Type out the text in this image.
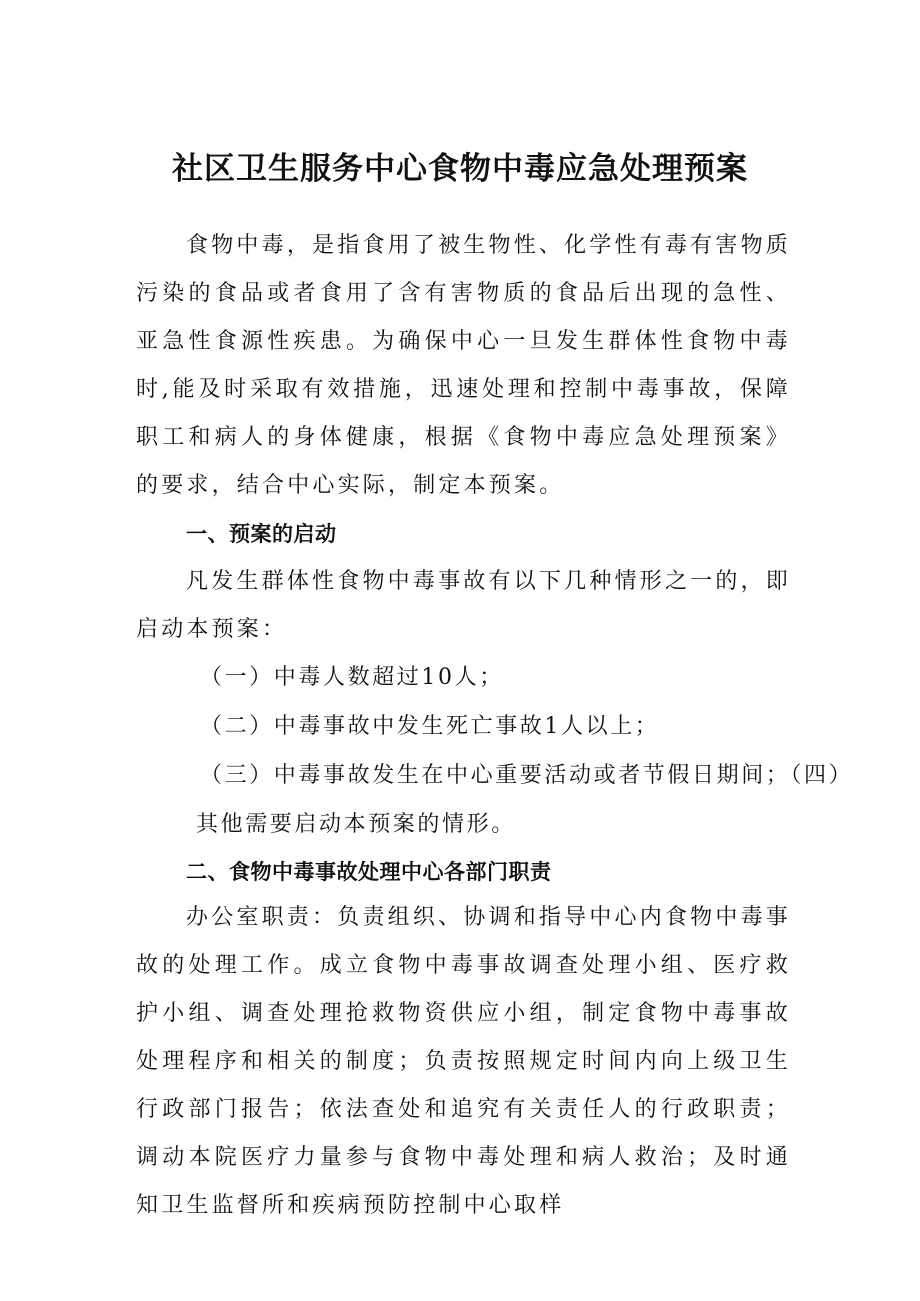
社区卫生服务中心食物中毒应急处理预案

食物中毒，是指食用了被生物性、化学性有毒有害物质污染的食品或者食用了含有害物质的食品后出现的急性、亚急性食源性疾患。为确保中心一旦发生群体性食物中毒时,能及时采取有效措施，迅速处理和控制中毒事故，保障职工和病人的身体健康，根据《食物中毒应急处理预案》的要求，结合中心实际，制定本预案。

一、预案的启动

凡发生群体性食物中毒事故有以下几种情形之一的，即启动本预案：

（一）中毒人数超过10人；

（二）中毒事故中发生死亡事故1人以上；

（三）中毒事故发生在中心重要活动或者节假日期间；（四）

其他需要启动本预案的情形。

二、食物中毒事故处理中心各部门职责

办公室职责：负责组织、协调和指导中心内食物中毒事故的处理工作。成立食物中毒事故调查处理小组、医疗救护小组、调查处理抢救物资供应小组，制定食物中毒事故处理程序和相关的制度；负责按照规定时间内向上级卫生行政部门报告；依法查处和追究有关责任人的行政职责；调动本院医疗力量参与食物中毒处理和病人救治；及时通知卫生监督所和疾病预防控制中心取样
